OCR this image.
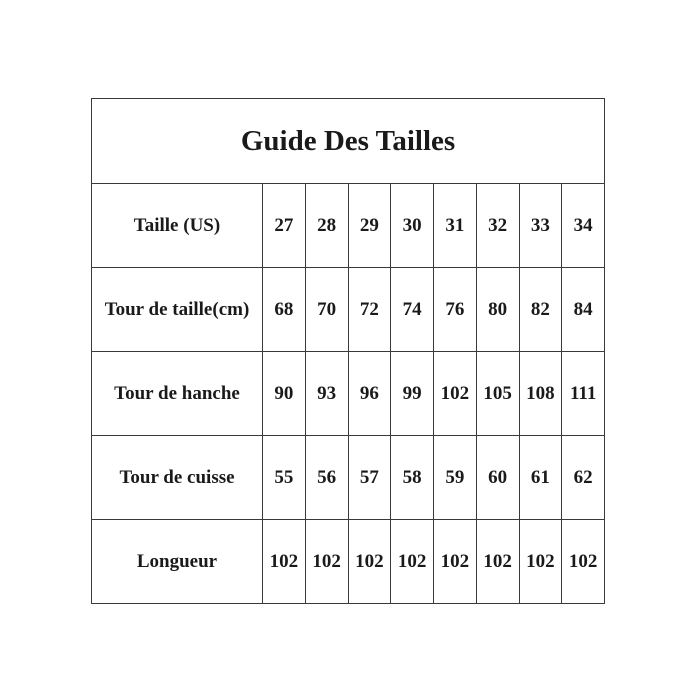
Guide Des Tailles								
Taille (US)	27	28	29	30	31	32	33	34
Tour de taille(cm)	68	70	72	74	76	80	82	84
Tour de hanche	90	93	96	99	102	105	108	111
Tour de cuisse	55	56	57	58	59	60	61	62
Longueur	102	102	102	102	102	102	102	102
